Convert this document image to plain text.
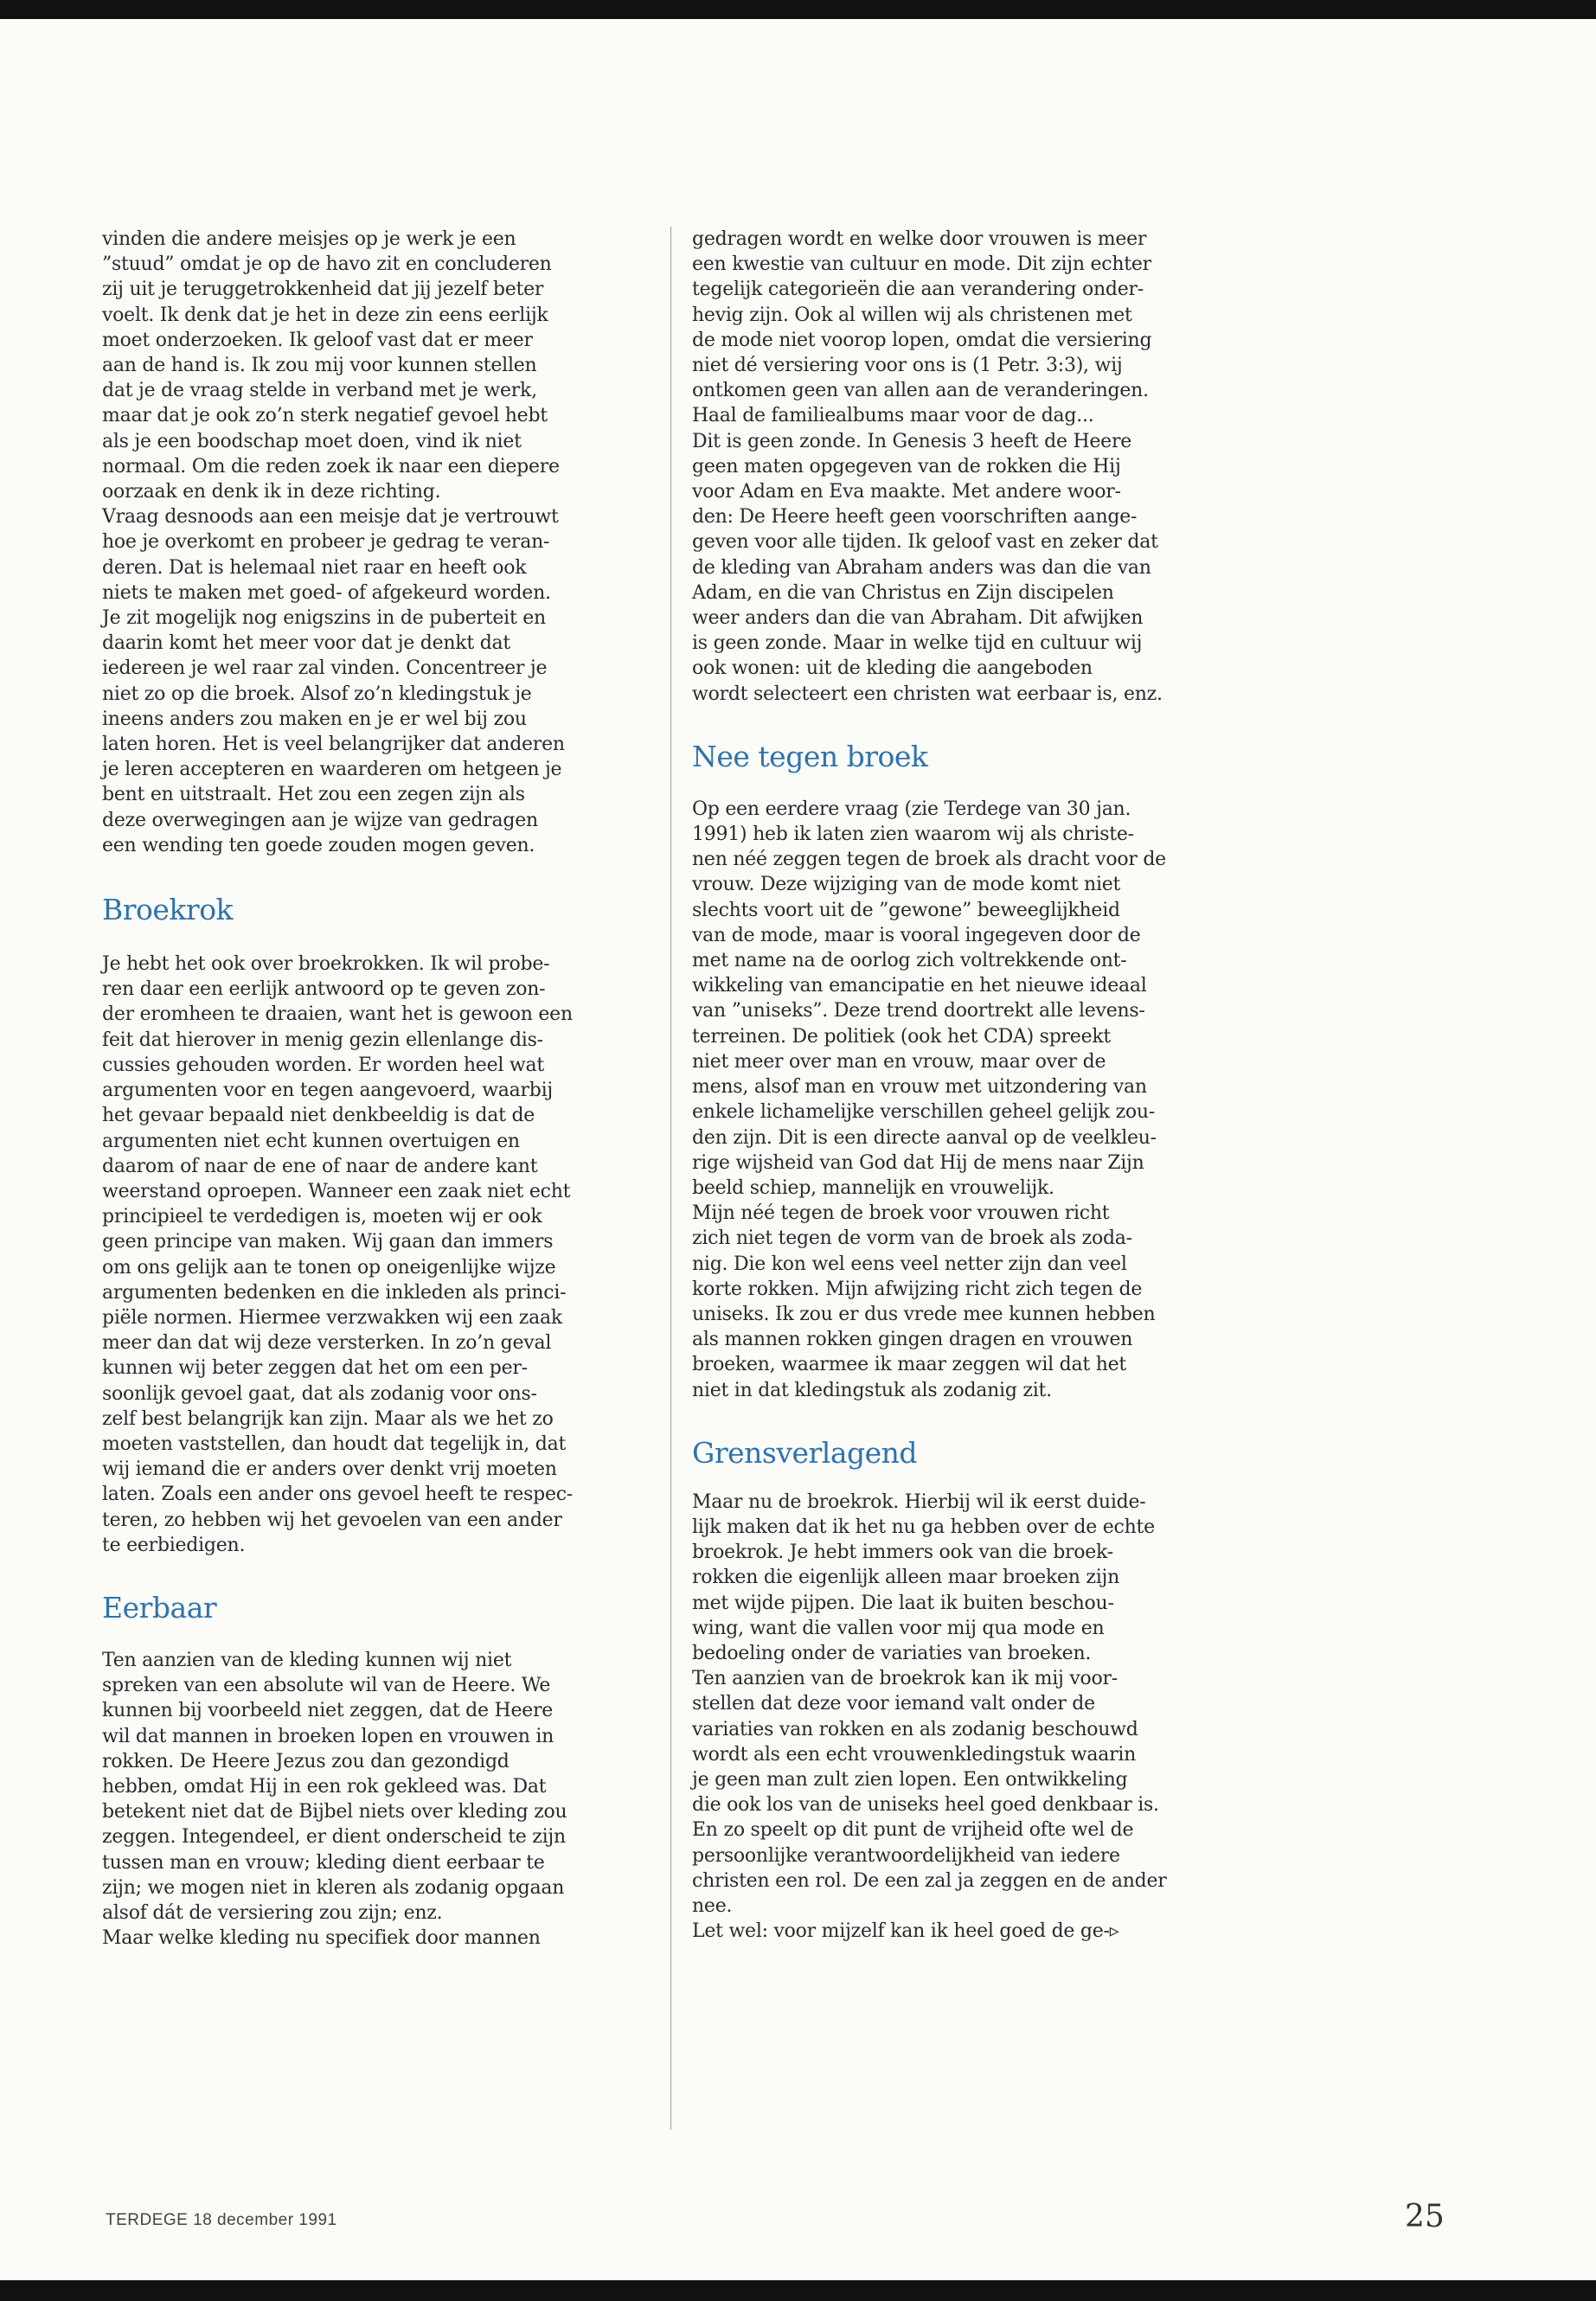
vinden die andere meisjes op je werk je een
”stuud” omdat je op de havo zit en concluderen
zij uit je teruggetrokkenheid dat jij jezelf beter
voelt. Ik denk dat je het in deze zin eens eerlijk
moet onderzoeken. Ik geloof vast dat er meer
aan de hand is. Ik zou mij voor kunnen stellen
dat je de vraag stelde in verband met je werk,
maar dat je ook zo’n sterk negatief gevoel hebt
als je een boodschap moet doen, vind ik niet
normaal. Om die reden zoek ik naar een diepere
oorzaak en denk ik in deze richting.
Vraag desnoods aan een meisje dat je vertrouwt
hoe je overkomt en probeer je gedrag te veran-
deren. Dat is helemaal niet raar en heeft ook
niets te maken met goed- of afgekeurd worden.
Je zit mogelijk nog enigszins in de puberteit en
daarin komt het meer voor dat je denkt dat
iedereen je wel raar zal vinden. Concentreer je
niet zo op die broek. Alsof zo’n kledingstuk je
ineens anders zou maken en je er wel bij zou
laten horen. Het is veel belangrijker dat anderen
je leren accepteren en waarderen om hetgeen je
bent en uitstraalt. Het zou een zegen zijn als
deze overwegingen aan je wijze van gedragen
een wending ten goede zouden mogen geven.

Broekrok

Je hebt het ook over broekrokken. Ik wil probe-
ren daar een eerlijk antwoord op te geven zon-
der eromheen te draaien, want het is gewoon een
feit dat hierover in menig gezin ellenlange dis-
cussies gehouden worden. Er worden heel wat
argumenten voor en tegen aangevoerd, waarbij
het gevaar bepaald niet denkbeeldig is dat de
argumenten niet echt kunnen overtuigen en
daarom of naar de ene of naar de andere kant
weerstand oproepen. Wanneer een zaak niet echt
principieel te verdedigen is, moeten wij er ook
geen principe van maken. Wij gaan dan immers
om ons gelijk aan te tonen op oneigenlijke wijze
argumenten bedenken en die inkleden als princi-
piële normen. Hiermee verzwakken wij een zaak
meer dan dat wij deze versterken. In zo’n geval
kunnen wij beter zeggen dat het om een per-
soonlijk gevoel gaat, dat als zodanig voor ons-
zelf best belangrijk kan zijn. Maar als we het zo
moeten vaststellen, dan houdt dat tegelijk in, dat
wij iemand die er anders over denkt vrij moeten
laten. Zoals een ander ons gevoel heeft te respec-
teren, zo hebben wij het gevoelen van een ander
te eerbiedigen.

Eerbaar

Ten aanzien van de kleding kunnen wij niet
spreken van een absolute wil van de Heere. We
kunnen bij voorbeeld niet zeggen, dat de Heere
wil dat mannen in broeken lopen en vrouwen in
rokken. De Heere Jezus zou dan gezondigd
hebben, omdat Hij in een rok gekleed was. Dat
betekent niet dat de Bijbel niets over kleding zou
zeggen. Integendeel, er dient onderscheid te zijn
tussen man en vrouw; kleding dient eerbaar te
zijn; we mogen niet in kleren als zodanig opgaan
alsof dát de versiering zou zijn; enz.
Maar welke kleding nu specifiek door mannen

gedragen wordt en welke door vrouwen is meer
een kwestie van cultuur en mode. Dit zijn echter
tegelijk categorieën die aan verandering onder-
hevig zijn. Ook al willen wij als christenen met
de mode niet voorop lopen, omdat die versiering
niet dé versiering voor ons is (1 Petr. 3:3), wij
ontkomen geen van allen aan de veranderingen.
Haal de familiealbums maar voor de dag...
Dit is geen zonde. In Genesis 3 heeft de Heere
geen maten opgegeven van de rokken die Hij
voor Adam en Eva maakte. Met andere woor-
den: De Heere heeft geen voorschriften aange-
geven voor alle tijden. Ik geloof vast en zeker dat
de kleding van Abraham anders was dan die van
Adam, en die van Christus en Zijn discipelen
weer anders dan die van Abraham. Dit afwijken
is geen zonde. Maar in welke tijd en cultuur wij
ook wonen: uit de kleding die aangeboden
wordt selecteert een christen wat eerbaar is, enz.

Nee tegen broek

Op een eerdere vraag (zie Terdege van 30 jan.
1991) heb ik laten zien waarom wij als christe-
nen néé zeggen tegen de broek als dracht voor de
vrouw. Deze wijziging van de mode komt niet
slechts voort uit de ”gewone” beweeglijkheid
van de mode, maar is vooral ingegeven door de
met name na de oorlog zich voltrekkende ont-
wikkeling van emancipatie en het nieuwe ideaal
van ”uniseks”. Deze trend doortrekt alle levens-
terreinen. De politiek (ook het CDA) spreekt
niet meer over man en vrouw, maar over de
mens, alsof man en vrouw met uitzondering van
enkele lichamelijke verschillen geheel gelijk zou-
den zijn. Dit is een directe aanval op de veelkleu-
rige wijsheid van God dat Hij de mens naar Zijn
beeld schiep, mannelijk en vrouwelijk.
Mijn néé tegen de broek voor vrouwen richt
zich niet tegen de vorm van de broek als zoda-
nig. Die kon wel eens veel netter zijn dan veel
korte rokken. Mijn afwijzing richt zich tegen de
uniseks. Ik zou er dus vrede mee kunnen hebben
als mannen rokken gingen dragen en vrouwen
broeken, waarmee ik maar zeggen wil dat het
niet in dat kledingstuk als zodanig zit.

Grensverlagend

Maar nu de broekrok. Hierbij wil ik eerst duide-
lijk maken dat ik het nu ga hebben over de echte
broekrok. Je hebt immers ook van die broek-
rokken die eigenlijk alleen maar broeken zijn
met wijde pijpen. Die laat ik buiten beschou-
wing, want die vallen voor mij qua mode en
bedoeling onder de variaties van broeken.
Ten aanzien van de broekrok kan ik mij voor-
stellen dat deze voor iemand valt onder de
variaties van rokken en als zodanig beschouwd
wordt als een echt vrouwenkledingstuk waarin
je geen man zult zien lopen. Een ontwikkeling
die ook los van de uniseks heel goed denkbaar is.
En zo speelt op dit punt de vrijheid ofte wel de
persoonlijke verantwoordelijkheid van iedere
christen een rol. De een zal ja zeggen en de ander
nee.
Let wel: voor mijzelf kan ik heel goed de ge-▹

TERDEGE 18 december 1991	25
